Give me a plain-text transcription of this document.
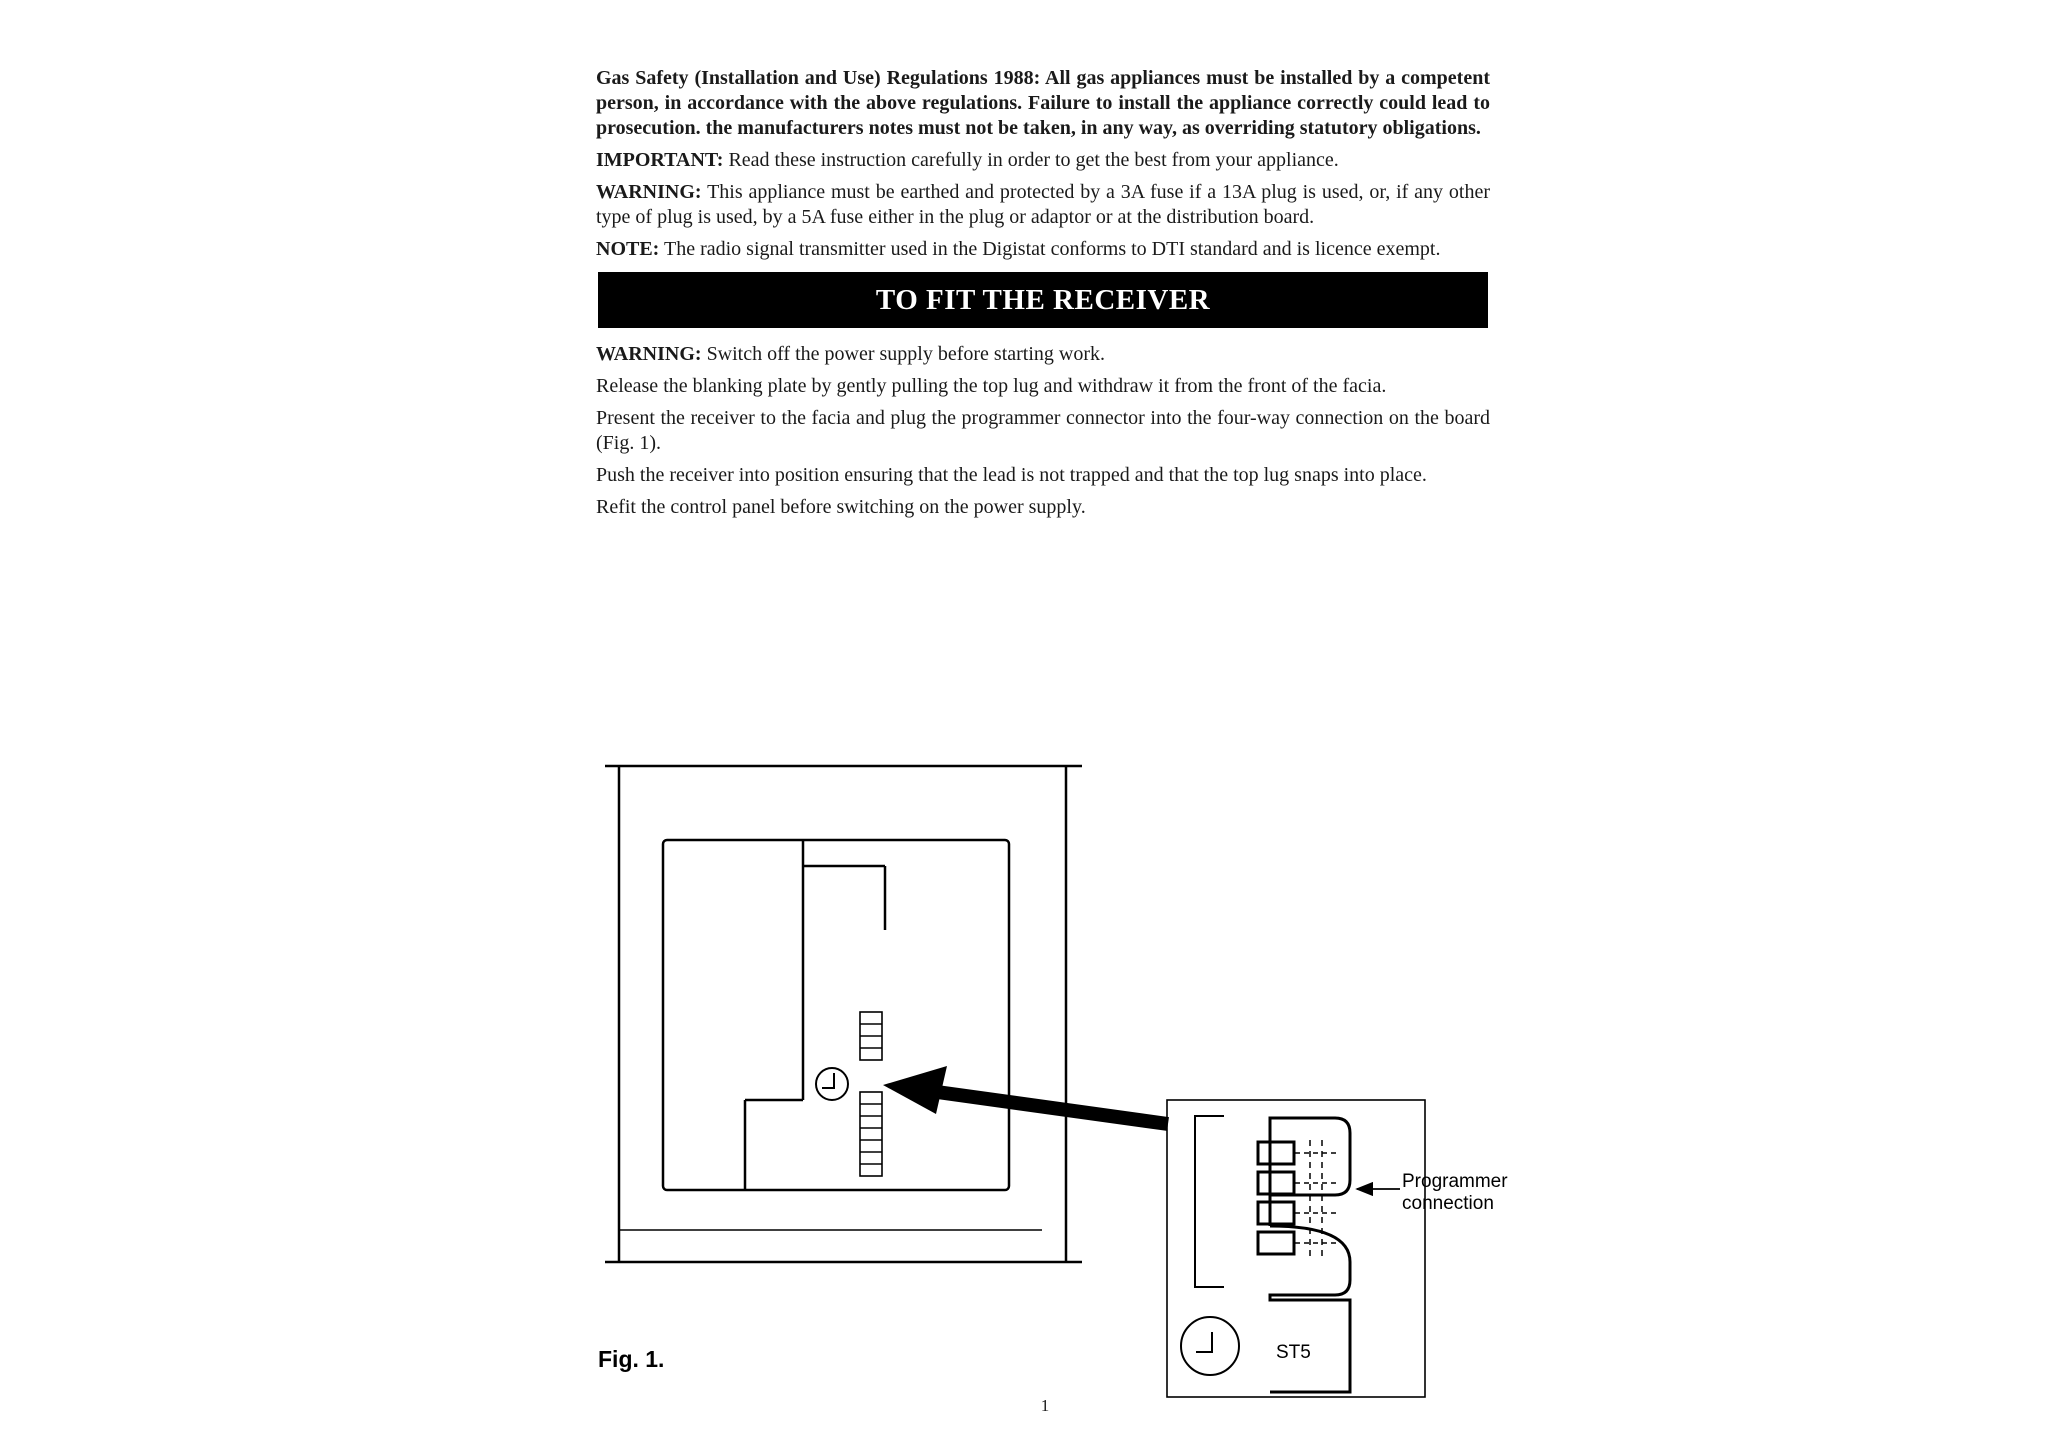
Gas Safety (Installation and Use) Regulations 1988: All gas appliances must be installed by a competent person, in accordance with the above regulations. Failure to install the appliance correctly could lead to prosecution. the manufacturers notes must not be taken, in any way, as overriding statutory obligations.

IMPORTANT: Read these instruction carefully in order to get the best from your appliance.

WARNING: This appliance must be earthed and protected by a 3A fuse if a 13A plug is used, or, if any other type of plug is used, by a 5A fuse either in the plug or adaptor or at the distribution board.

NOTE: The radio signal transmitter used in the Digistat conforms to DTI standard and is licence exempt.

TO FIT THE RECEIVER

WARNING: Switch off the power supply before starting work.

Release the blanking plate by gently pulling the top lug and withdraw it from the front of the facia.

Present the receiver to the facia and plug the programmer connector into the four-way connection on the board (Fig. 1).

Push the receiver into position ensuring that the lead is not trapped and that the top lug snaps into place.

Refit the control panel before switching on the power supply.

Programmer
connection
ST5
Fig. 1.
1
